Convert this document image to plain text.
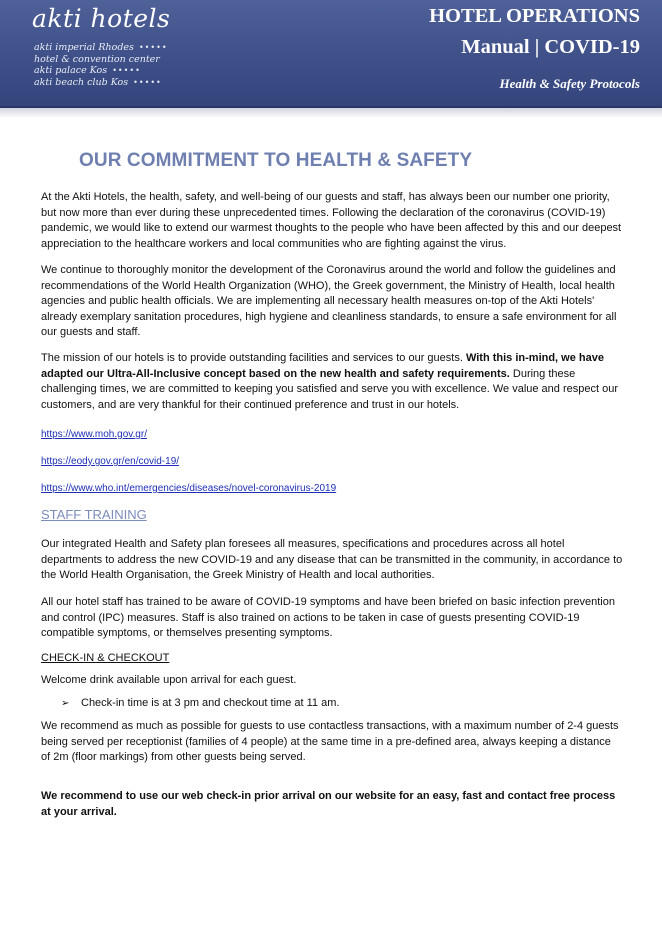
akti hotels
akti imperial Rhodes •••••
hotel & convention center
akti palace Kos •••••
akti beach club Kos •••••
HOTEL OPERATIONS
Manual | COVID-19
Health & Safety Protocols
OUR COMMITMENT TO HEALTH & SAFETY

At the Akti Hotels, the health, safety, and well-being of our guests and staff, has always been our number one priority, but now more than ever during these unprecedented times. Following the declaration of the coronavirus (COVID-19) pandemic, we would like to extend our warmest thoughts to the people who have been affected by this and our deepest appreciation to the healthcare workers and local communities who are fighting against the virus.

We continue to thoroughly monitor the development of the Coronavirus around the world and follow the guidelines and recommendations of the World Health Organization (WHO), the Greek government, the Ministry of Health, local health agencies and public health officials. We are implementing all necessary health measures on-top of the Akti Hotels' already exemplary sanitation procedures, high hygiene and cleanliness standards, to ensure a safe environment for all our guests and staff.

The mission of our hotels is to provide outstanding facilities and services to our guests. With this in-mind, we have adapted our Ultra-All-Inclusive concept based on the new health and safety requirements. During these challenging times, we are committed to keeping you satisfied and serve you with excellence. We value and respect our customers, and are very thankful for their continued preference and trust in our hotels.

https://www.moh.gov.gr/
https://eody.gov.gr/en/covid-19/
https://www.who.int/emergencies/diseases/novel-coronavirus-2019
STAFF TRAINING

Our integrated Health and Safety plan foresees all measures, specifications and procedures across all hotel departments to address the new COVID-19 and any disease that can be transmitted in the community, in accordance to the World Health Organisation, the Greek Ministry of Health and local authorities.

All our hotel staff has trained to be aware of COVID-19 symptoms and have been briefed on basic infection prevention and control (IPC) measures. Staff is also trained on actions to be taken in case of guests presenting COVID-19 compatible symptoms, or themselves presenting symptoms.

CHECK-IN & CHECKOUT

Welcome drink available upon arrival for each guest.

➢ Check-in time is at 3 pm and checkout time at 11 am.

We recommend as much as possible for guests to use contactless transactions, with a maximum number of 2-4 guests being served per receptionist (families of 4 people) at the same time in a pre-defined area, always keeping a distance of 2m (floor markings) from other guests being served.

We recommend to use our web check-in prior arrival on our website for an easy, fast and contact free process at your arrival.
